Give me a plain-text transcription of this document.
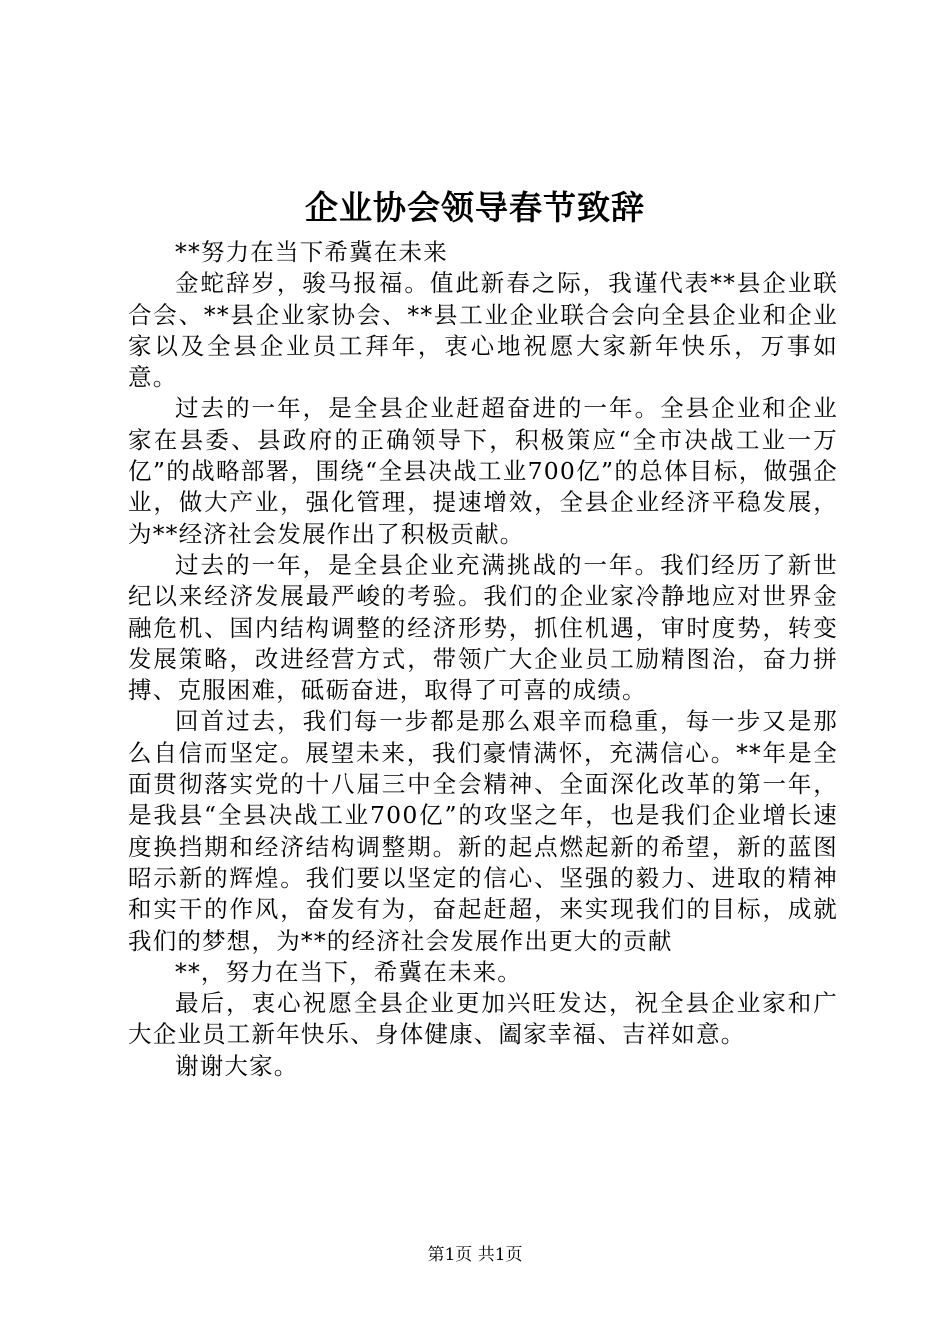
企业协会领导春节致辞

**努力在当下希冀在未来

金蛇辞岁，骏马报福。值此新春之际，我谨代表**县企业联合会、**县企业家协会、**县工业企业联合会向全县企业和企业家以及全县企业员工拜年，衷心地祝愿大家新年快乐，万事如意。

过去的一年，是全县企业赶超奋进的一年。全县企业和企业家在县委、县政府的正确领导下，积极策应“全市决战工业一万亿”的战略部署，围绕“全县决战工业700亿”的总体目标，做强企业，做大产业，强化管理，提速增效，全县企业经济平稳发展，为**经济社会发展作出了积极贡献。

过去的一年，是全县企业充满挑战的一年。我们经历了新世纪以来经济发展最严峻的考验。我们的企业家冷静地应对世界金融危机、国内结构调整的经济形势，抓住机遇，审时度势，转变发展策略，改进经营方式，带领广大企业员工励精图治，奋力拼搏、克服困难，砥砺奋进，取得了可喜的成绩。

回首过去，我们每一步都是那么艰辛而稳重，每一步又是那么自信而坚定。展望未来，我们豪情满怀，充满信心。**年是全面贯彻落实党的十八届三中全会精神、全面深化改革的第一年，是我县“全县决战工业700亿”的攻坚之年，也是我们企业增长速度换挡期和经济结构调整期。新的起点燃起新的希望，新的蓝图昭示新的辉煌。我们要以坚定的信心、坚强的毅力、进取的精神和实干的作风，奋发有为，奋起赶超，来实现我们的目标，成就我们的梦想，为**的经济社会发展作出更大的贡献

**，努力在当下，希冀在未来。

最后，衷心祝愿全县企业更加兴旺发达，祝全县企业家和广大企业员工新年快乐、身体健康、阖家幸福、吉祥如意。

谢谢大家。

第1页 共1页
